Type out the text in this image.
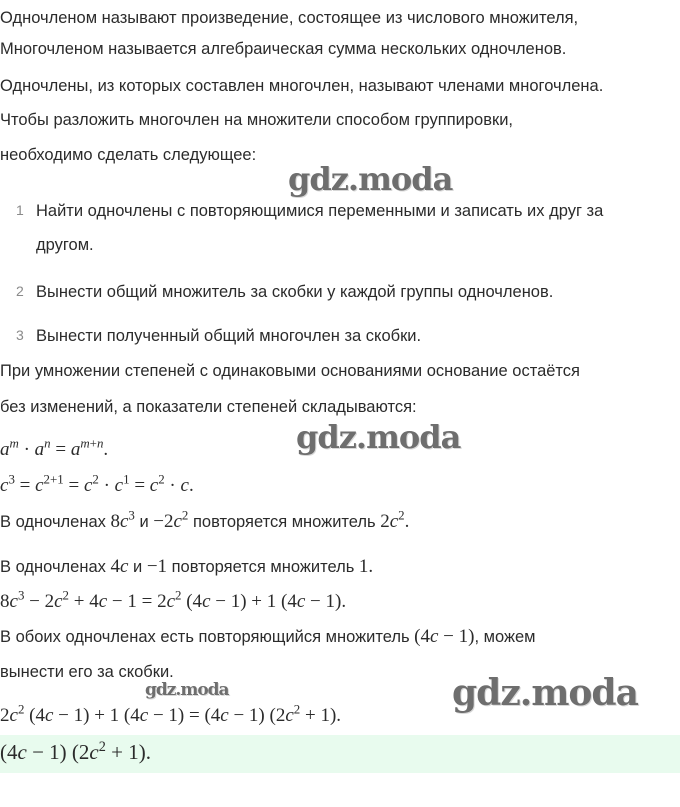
gdz.moda
gdz.moda
gdz.moda	gdz.moda
Одночленом называют произведение, состоящее из числового множителя,
Многочленом называется алгебраическая сумма нескольких одночленов.
Одночлены, из которых составлен многочлен, называют членами многочлена.
Чтобы разложить многочлен на множители способом группировки,
необходимо сделать следующее:
1 Найти одночлены с повторяющимися переменными и записать их друг за
другом.
2 Вынести общий множитель за скобки у каждой группы одночленов.
3 Вынести полученный общий многочлен за скобки.
При умножении степеней с одинаковыми основаниями основание остаётся
без изменений, а показатели степеней складываются:
$a^m \cdot a^n = a^{m+n}$.
$c^3 = c^{2+1} = c^2 \cdot c^1 = c^2 \cdot c$.
В одночленах $8c^3$ $и -2c^2$ повторяется множитель $2c^2$.
В одночленах 4c и −1 повторяется множитель 1.
$8c^3 - 2c^2 + 4c - 1 = 2c^2$ (4c − 1) + 1 (4c − 1).
В обоих одночленах есть повторяющийся множитель (4c − 1), можем
вынести его за скобки.
$2c^2$ (4c − 1) + 1 (4c − 1) = (4c − 1) $(2c^2 + 1)$.
(4c − 1) $(2c^2 + 1)$.
